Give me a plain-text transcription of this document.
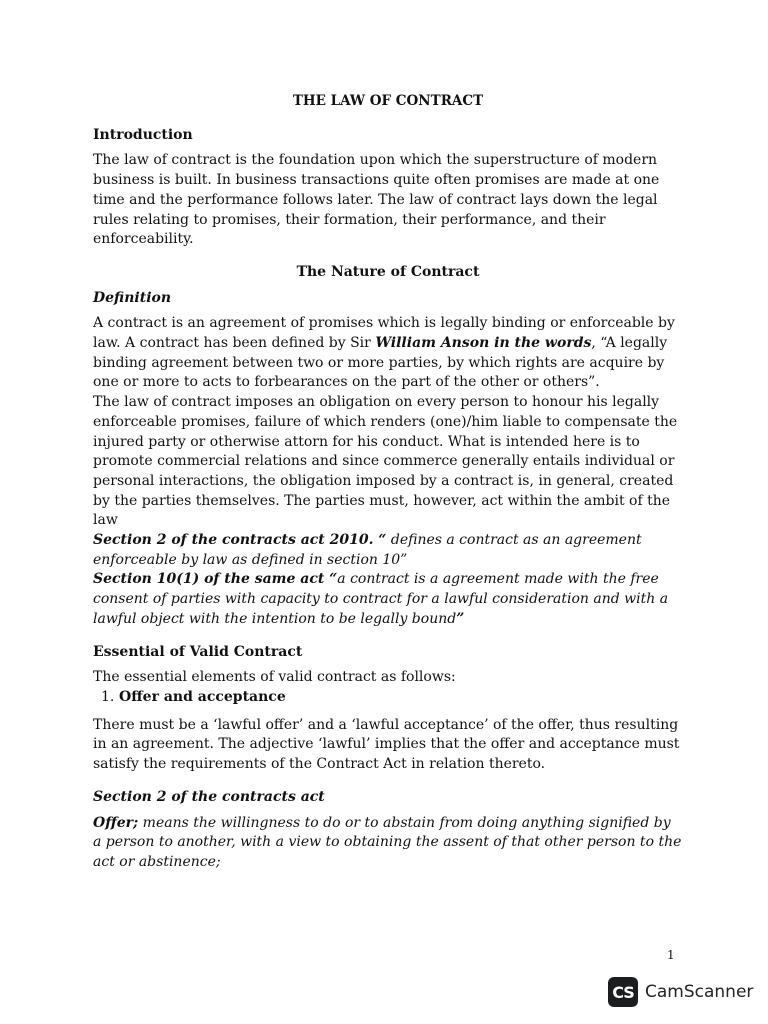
THE LAW OF CONTRACT

Introduction

The law of contract is the foundation upon which the superstructure of modern business is built. In business transactions quite often promises are made at one time and the performance follows later. The law of contract lays down the legal rules relating to promises, their formation, their performance, and their enforceability.

The Nature of Contract

Definition

A contract is an agreement of promises which is legally binding or enforceable by law. A contract has been defined by Sir William Anson in the words, “A legally binding agreement between two or more parties, by which rights are acquire by one or more to acts to forbearances on the part of the other or others”.

The law of contract imposes an obligation on every person to honour his legally enforceable promises, failure of which renders (one)/him liable to compensate the injured party or otherwise attorn for his conduct. What is intended here is to promote commercial relations and since commerce generally entails individual or personal interactions, the obligation imposed by a contract is, in general, created by the parties themselves. The parties must, however, act within the ambit of the law

Section 2 of the contracts act 2010. “ defines a contract as an agreement enforceable by law as defined in section 10”

Section 10(1) of the same act “a contract is a agreement made with the free consent of parties with capacity to contract for a lawful consideration and with a lawful object with the intention to be legally bound”

Essential of Valid Contract

The essential elements of valid contract as follows:

1. Offer and acceptance

There must be a ‘lawful offer’ and a ‘lawful acceptance’ of the offer, thus resulting in an agreement. The adjective ‘lawful’ implies that the offer and acceptance must satisfy the requirements of the Contract Act in relation thereto.

Section 2 of the contracts act

Offer; means the willingness to do or to abstain from doing anything signified by a person to another, with a view to obtaining the assent of that other person to the act or abstinence;

1
CS CamScanner
